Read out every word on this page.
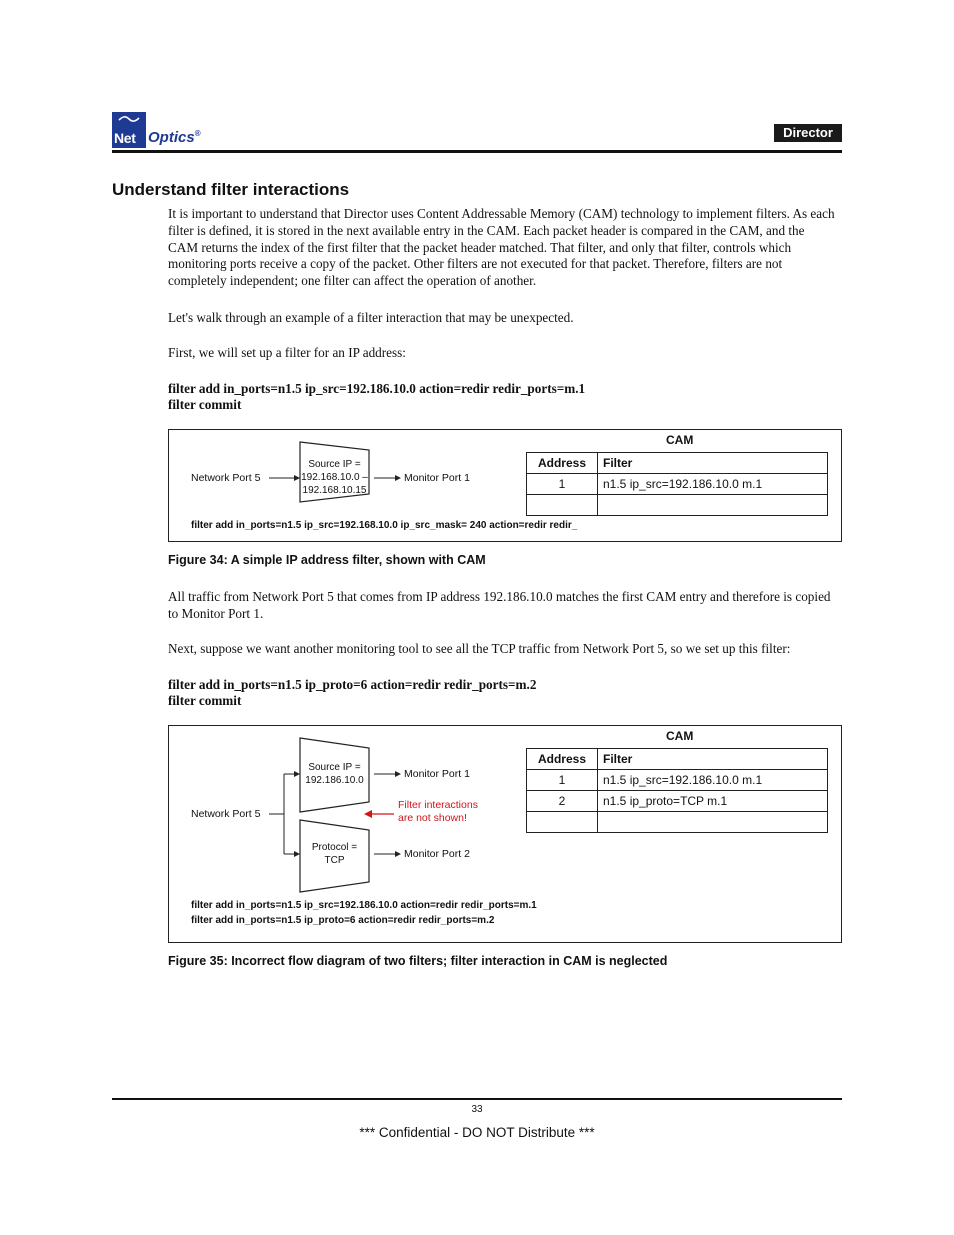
Net Optics®	Director
Understand filter interactions

It is important to understand that Director uses Content Addressable Memory (CAM) technology to implement filters. As each filter is defined, it is stored in the next available entry in the CAM. Each packet header is compared in the CAM, and the CAM returns the index of the first filter that the packet header matched. That filter, and only that filter, controls which monitoring ports receive a copy of the packet. Other filters are not executed for that packet. Therefore, filters are not completely independent; one filter can affect the operation of another.

Let's walk through an example of a filter interaction that may be unexpected.

First, we will set up a filter for an IP address:

filter add in_ports=n1.5 ip_src=192.186.10.0 action=redir redir_ports=m.1
filter commit
Network Port 5
Source IP =
192.168.10.0 –
192.168.10.15
Monitor Port 1
filter add in_ports=n1.5 ip_src=192.168.10.0 ip_src_mask= 240 action=redir redir_
CAM
Address	Filter
1	n1.5 ip_src=192.186.10.0 m.1

Figure 34: A simple IP address filter, shown with CAM

All traffic from Network Port 5 that comes from IP address 192.186.10.0 matches the first CAM entry and therefore is copied to Monitor Port 1.

Next, suppose we want another monitoring tool to see all the TCP traffic from Network Port 5, so we set up this filter:

filter add in_ports=n1.5 ip_proto=6 action=redir redir_ports=m.2
filter commit
Network Port 5
Source IP =
192.186.10.0
Protocol =
TCP
Monitor Port 1
Monitor Port 2
Filter interactions
are not shown!
filter add in_ports=n1.5 ip_src=192.186.10.0 action=redir redir_ports=m.1
filter add in_ports=n1.5 ip_proto=6 action=redir redir_ports=m.2
CAM
Address	Filter
1	n1.5 ip_src=192.186.10.0 m.1
2	n1.5 ip_proto=TCP m.1

Figure 35: Incorrect flow diagram of two filters; filter interaction in CAM is neglected
33
*** Confidential - DO NOT Distribute ***
